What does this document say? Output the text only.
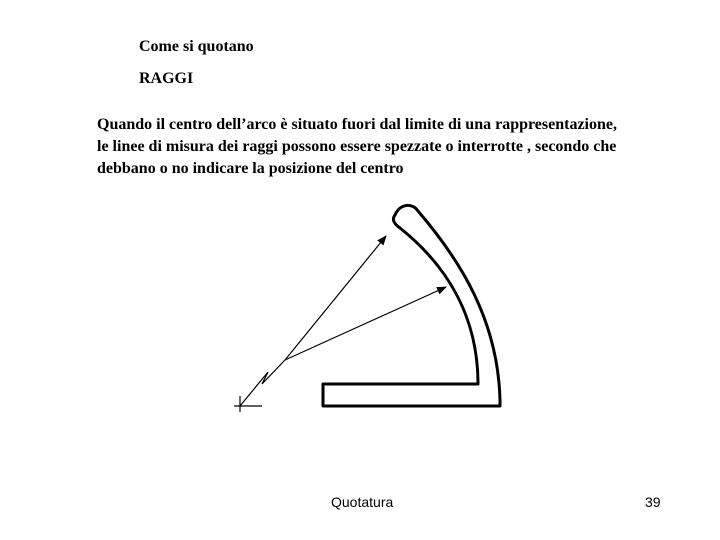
Come si quotano
RAGGI
Quando il centro dell’arco è situato fuori dal limite di una rappresentazione,
le linee di misura dei raggi possono essere spezzate o interrotte , secondo che
debbano o no indicare la posizione del centro
Quotatura	39
